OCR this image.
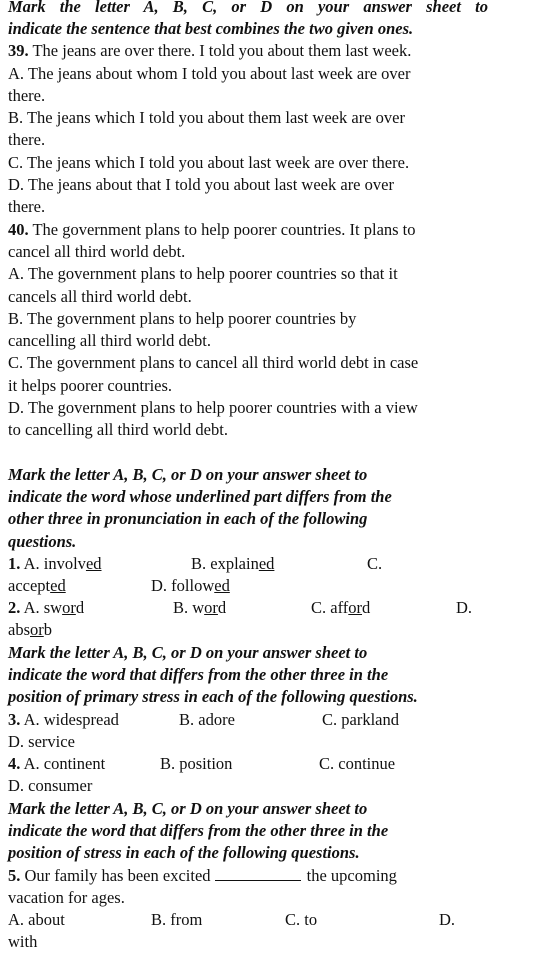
Mark the letter A, B, C, or D on your answer sheet to
indicate the sentence that best combines the two given ones.
39. The jeans are over there. I told you about them last week.
A. The jeans about whom I told you about last week are over
there.
B. The jeans which I told you about them last week are over
there.
C. The jeans which I told you about last week are over there.
D. The jeans about that I told you about last week are over
there.
40. The government plans to help poorer countries. It plans to
cancel all third world debt.
A. The government plans to help poorer countries so that it
cancels all third world debt.
B. The government plans to help poorer countries by
cancelling all third world debt.
C. The government plans to cancel all third world debt in case
it helps poorer countries.
D. The government plans to help poorer countries with a view
to cancelling all third world debt.
Mark the letter A, B, C, or D on your answer sheet to
indicate the word whose underlined part differs from the
other three in pronunciation in each of the following
questions.
1. A. involved	B. explained	C.
accepted	D. followed
2. A. sword	B. word	C. afford	D.
absorb
Mark the letter A, B, C, or D on your answer sheet to
indicate the word that differs from the other three in the
position of primary stress in each of the following questions.
3. A. widespread	B. adore	C. parkland
D. service
4. A. continent	B. position	C. continue
D. consumer
Mark the letter A, B, C, or D on your answer sheet to
indicate the word that differs from the other three in the
position of stress in each of the following questions.
5. Our family has been excited	the upcoming
vacation for ages.
A. about	B. from	C. to	D.
with
